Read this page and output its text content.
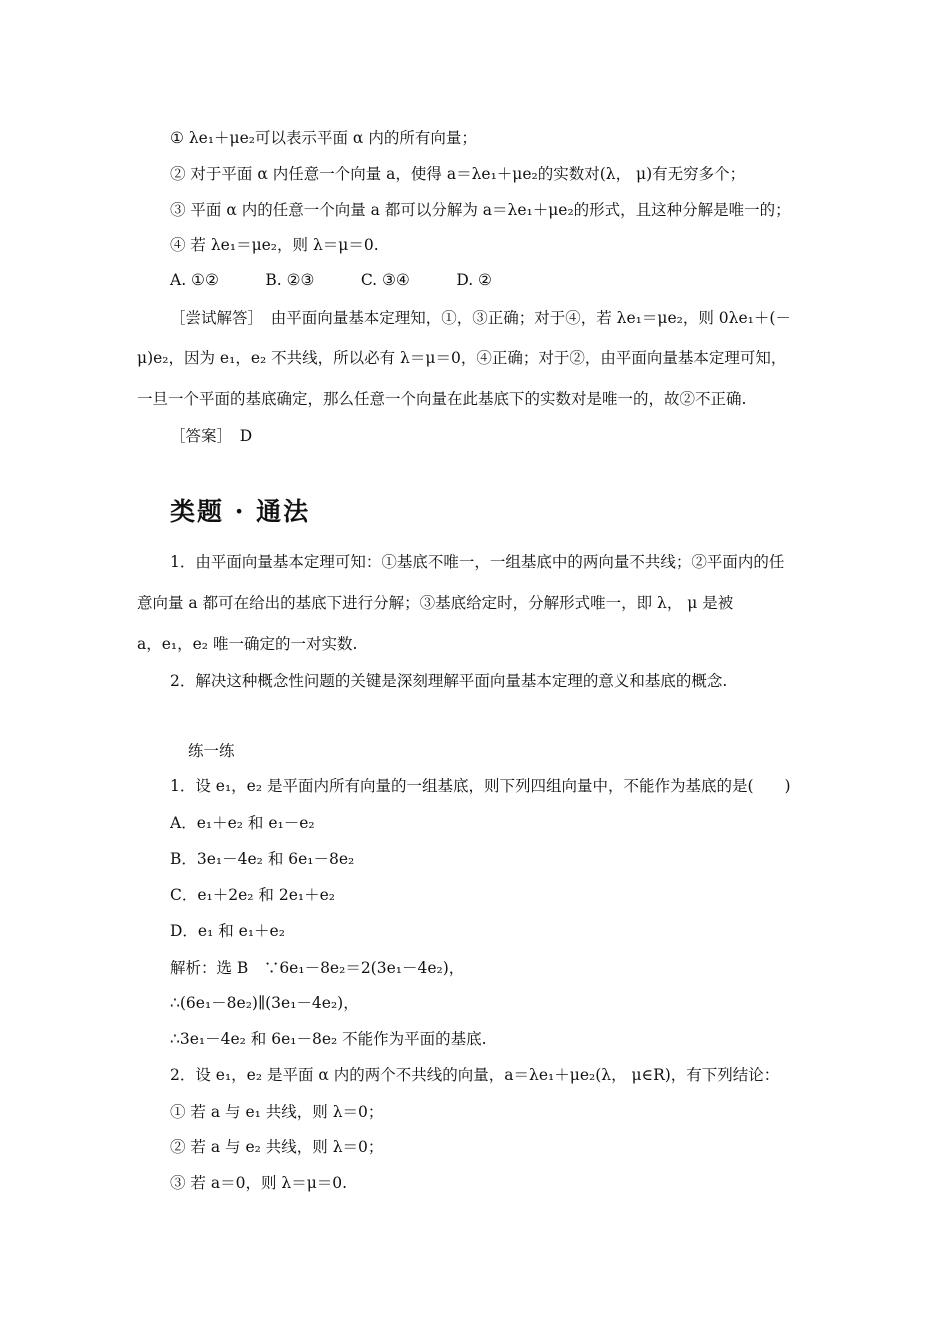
① λe₁＋μe₂可以表示平面 α 内的所有向量；
② 对于平面 α 内任意一个向量 a，使得 a＝λe₁＋μe₂的实数对(λ， μ)有无穷多个；
③ 平面 α 内的任意一个向量 a 都可以分解为 a＝λe₁＋μe₂的形式，且这种分解是唯一的；
④ 若 λe₁＝μe₂，则 λ＝μ＝0.
A. ①②　　　B. ②③　　　C. ③④　　　D. ②
［尝试解答］　由平面向量基本定理知，①，③正确；对于④，若 λe₁＝μe₂，则 0λe₁＋(－
μ)e₂，因为 e₁，e₂ 不共线，所以必有 λ＝μ＝0，④正确；对于②，由平面向量基本定理可知，
一旦一个平面的基底确定，那么任意一个向量在此基底下的实数对是唯一的，故②不正确.
［答案］　D
类题 · 通法
1．由平面向量基本定理可知：①基底不唯一，一组基底中的两向量不共线；②平面内的任
意向量 a 都可在给出的基底下进行分解；③基底给定时，分解形式唯一，即 λ， μ 是被
a，e₁，e₂ 唯一确定的一对实数.
2．解决这种概念性问题的关键是深刻理解平面向量基本定理的意义和基底的概念.
练一练
1．设 e₁，e₂ 是平面内所有向量的一组基底，则下列四组向量中，不能作为基底的是(　　)
A．e₁＋e₂ 和 e₁－e₂
B．3e₁－4e₂ 和 6e₁－8e₂
C．e₁＋2e₂ 和 2e₁＋e₂
D．e₁ 和 e₁＋e₂
解析：选 B　∵6e₁－8e₂＝2(3e₁－4e₂)，
∴(6e₁－8e₂)∥(3e₁－4e₂)，
∴3e₁－4e₂ 和 6e₁－8e₂ 不能作为平面的基底.
2．设 e₁，e₂ 是平面 α 内的两个不共线的向量，a＝λe₁＋μe₂(λ， μ∈R)，有下列结论：
① 若 a 与 e₁ 共线，则 λ＝0；
② 若 a 与 e₂ 共线，则 λ＝0；
③ 若 a＝0，则 λ＝μ＝0.
